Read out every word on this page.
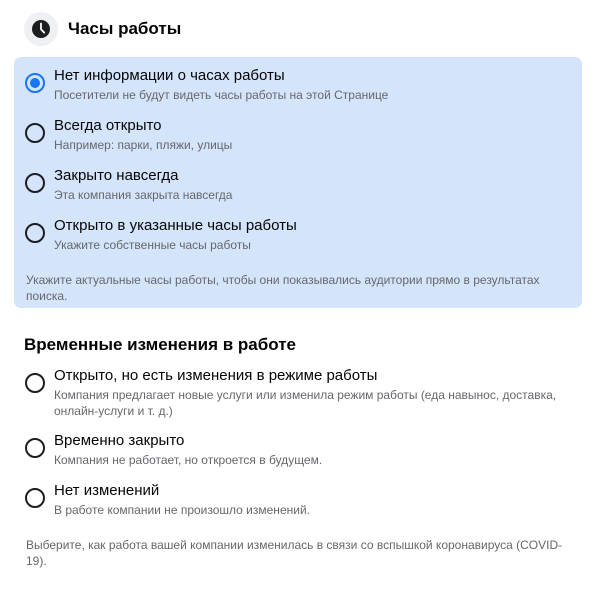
Часы работы
Нет информации о часах работы
Посетители не будут видеть часы работы на этой Странице
Всегда открыто
Например: парки, пляжи, улицы
Закрыто навсегда
Эта компания закрыта навсегда
Открыто в указанные часы работы
Укажите собственные часы работы
Укажите актуальные часы работы, чтобы они показывались аудитории прямо в результатах поиска.
Временные изменения в работе
Открыто, но есть изменения в режиме работы
Компания предлагает новые услуги или изменила режим работы (еда навынос, доставка, онлайн-услуги и т. д.)
Временно закрыто
Компания не работает, но откроется в будущем.
Нет изменений
В работе компании не произошло изменений.
Выберите, как работа вашей компании изменилась в связи со вспышкой коронавируса (COVID-19).
